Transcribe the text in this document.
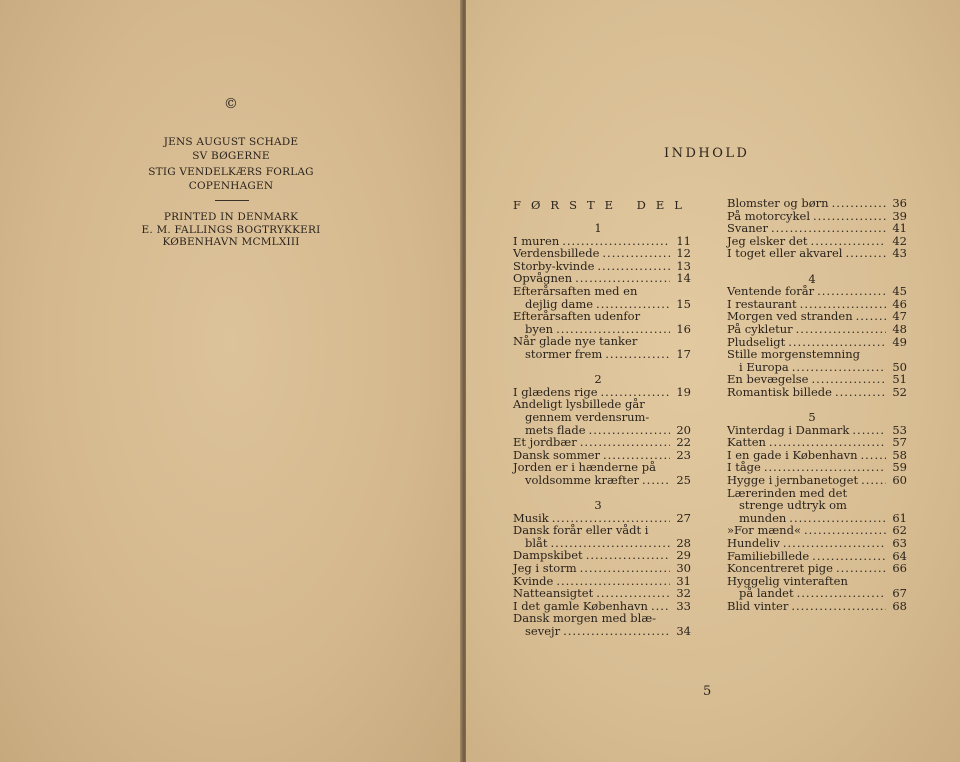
©
JENS AUGUST SCHADE
SV BØGERNE
STIG VENDELKÆRS FORLAG
COPENHAGEN
PRINTED IN DENMARK
E. M. FALLINGS BOGTRYKKERI
KØBENHAVN MCMLXIII
INDHOLD
FØRSTE DEL
1
I muren .....	11
Verdensbillede .....	12
Storby-kvinde .....	13
Opvågnen .....	14
Efterårsaften med en
dejlig dame .....	15
Efterårsaften udenfor
byen .....	16
Når glade nye tanker
stormer frem .....	17
2
I glædens rige .....	19
Andeligt lysbillede går
gennem verdensrum-
mets flade .....	20
Et jordbær .....	22
Dansk sommer .....	23
Jorden er i hænderne på
voldsomme kræfter .....	25
3
Musik .....	27
Dansk forår eller vådt i
blåt .....	28
Dampskibet .....	29
Jeg i storm .....	30
Kvinde .....	31
Natteansigtet .....	32
I det gamle København ..... 33
Dansk morgen med blæ-
sevejr .....	34
Blomster og børn .....	36
På motorcykel .....	39
Svaner .....	41
Jeg elsker det .....	42
I toget eller akvarel .....	43
4
Ventende forår .....	45
I restaurant .....	46
Morgen ved stranden .....	47
På cykletur .....	48
Pludseligt .....	49
Stille morgenstemning
i Europa .....	50
En bevægelse .....	51
Romantisk billede .....	52
5
Vinterdag i Danmark .....	53
Katten .....	57
I en gade i København .....	58
I tåge .....	59
Hygge i jernbanetoget .....	60
Lærerinden med det
strenge udtryk om
munden .....	61
»For mænd« .....	62
Hundeliv .....	63
Familiebillede .....	64
Koncentreret pige .....	66
Hyggelig vinteraften
på landet .....	67
Blid vinter .....	68
5
